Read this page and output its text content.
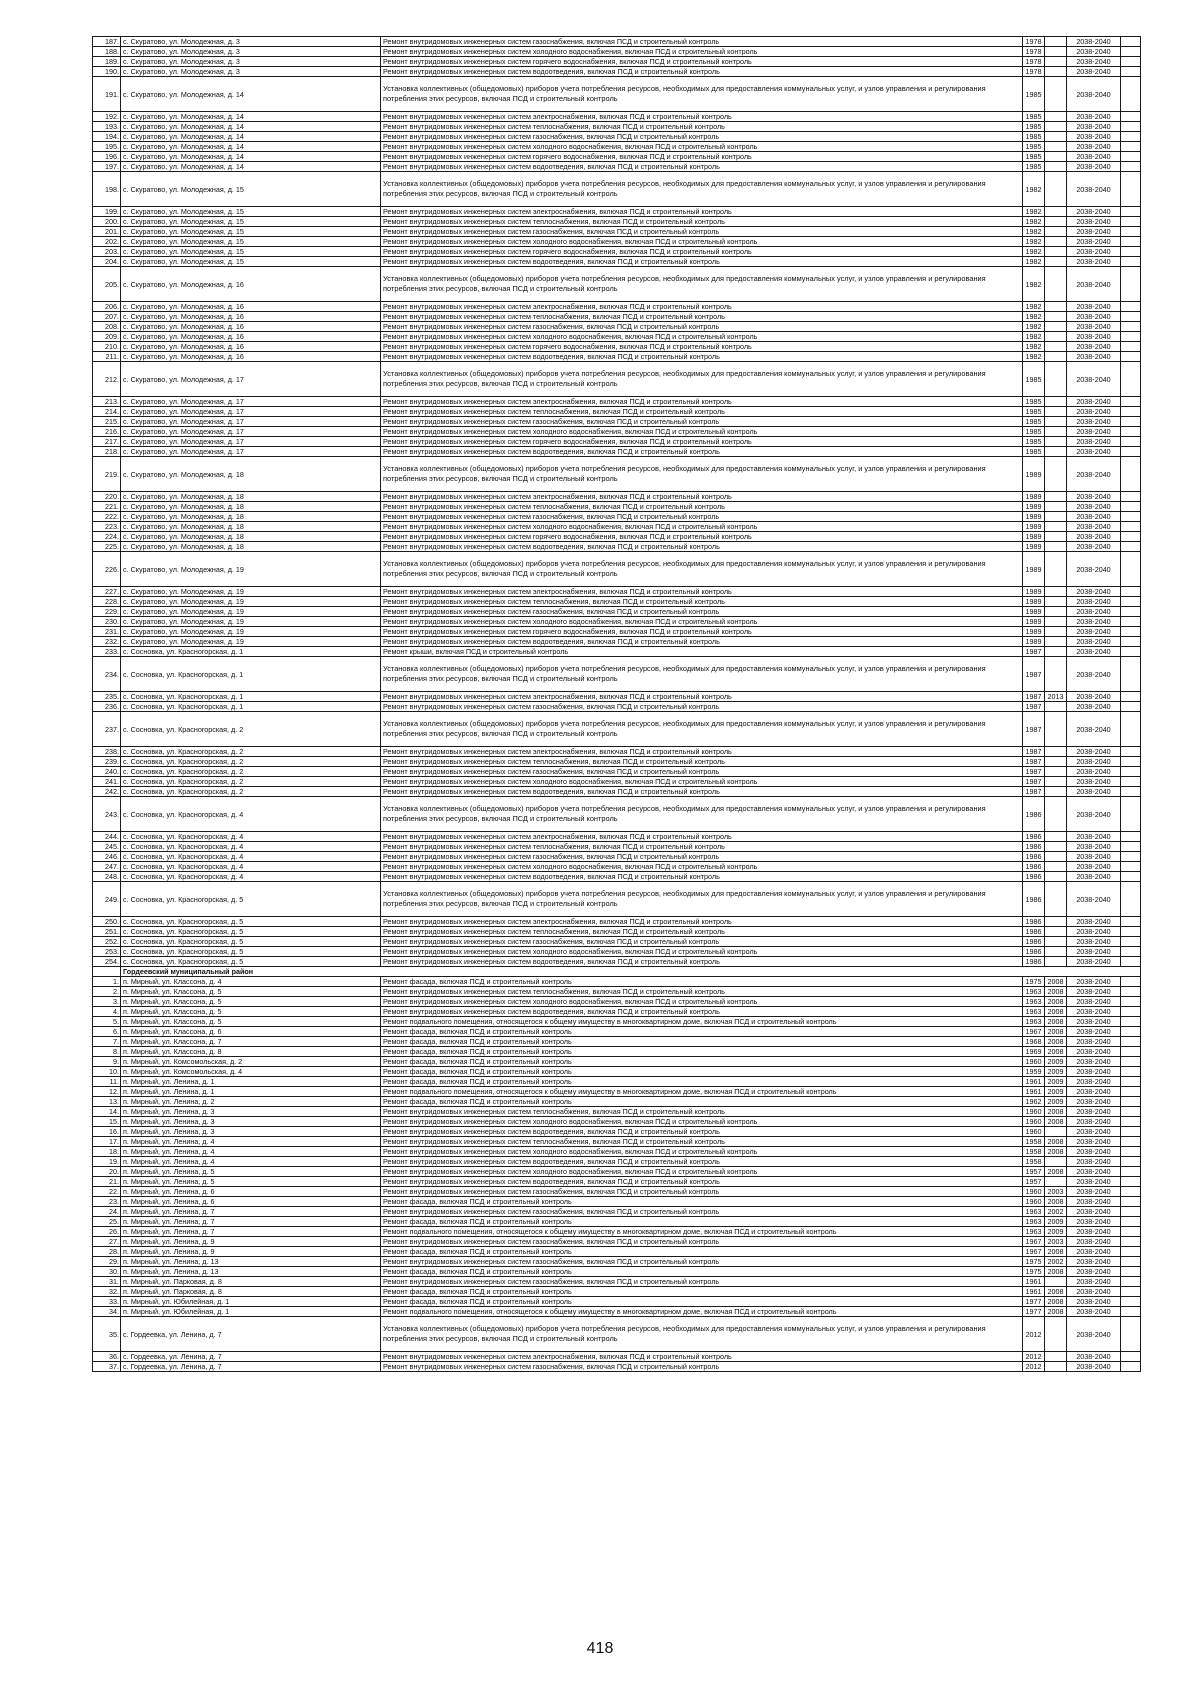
187.	с. Скуратово, ул. Молодежная, д. 3	Ремонт внутридомовых инженерных систем газоснабжения, включая ПСД и строительный контроль	1978		2038-2040	
188.	с. Скуратово, ул. Молодежная, д. 3	Ремонт внутридомовых инженерных систем холодного водоснабжения, включая ПСД и строительный контроль	1978		2038-2040	
189.	с. Скуратово, ул. Молодежная, д. 3	Ремонт внутридомовых инженерных систем горячего водоснабжения, включая ПСД и строительный контроль	1978		2038-2040	
190.	с. Скуратово, ул. Молодежная, д. 3	Ремонт внутридомовых инженерных систем водоотведения, включая ПСД и строительный контроль	1978		2038-2040	
191.	с. Скуратово, ул. Молодежная, д. 14	Установка коллективных (общедомовых) приборов учета потребления ресурсов, необходимых для предоставления коммунальных услуг, и узлов управления и регулирования потребления этих ресурсов, включая ПСД и строительный контроль	1985		2038-2040	
192.	с. Скуратово, ул. Молодежная, д. 14	Ремонт внутридомовых инженерных систем электроснабжения, включая ПСД и строительный контроль	1985		2038-2040	
193.	с. Скуратово, ул. Молодежная, д. 14	Ремонт внутридомовых инженерных систем теплоснабжения, включая ПСД и строительный контроль	1985		2038-2040	
194.	с. Скуратово, ул. Молодежная, д. 14	Ремонт внутридомовых инженерных систем газоснабжения, включая ПСД и строительный контроль	1985		2038-2040	
195.	с. Скуратово, ул. Молодежная, д. 14	Ремонт внутридомовых инженерных систем холодного водоснабжения, включая ПСД и строительный контроль	1985		2038-2040	
196.	с. Скуратово, ул. Молодежная, д. 14	Ремонт внутридомовых инженерных систем горячего водоснабжения, включая ПСД и строительный контроль	1985		2038-2040	
197.	с. Скуратово, ул. Молодежная, д. 14	Ремонт внутридомовых инженерных систем водоотведения, включая ПСД и строительный контроль	1985		2038-2040	
198.	с. Скуратово, ул. Молодежная, д. 15	Установка коллективных (общедомовых) приборов учета потребления ресурсов, необходимых для предоставления коммунальных услуг, и узлов управления и регулирования потребления этих ресурсов, включая ПСД и строительный контроль	1982		2038-2040	
199.	с. Скуратово, ул. Молодежная, д. 15	Ремонт внутридомовых инженерных систем электроснабжения, включая ПСД и строительный контроль	1982		2038-2040	
200.	с. Скуратово, ул. Молодежная, д. 15	Ремонт внутридомовых инженерных систем теплоснабжения, включая ПСД и строительный контроль	1982		2038-2040	
201.	с. Скуратово, ул. Молодежная, д. 15	Ремонт внутридомовых инженерных систем газоснабжения, включая ПСД и строительный контроль	1982		2038-2040	
202.	с. Скуратово, ул. Молодежная, д. 15	Ремонт внутридомовых инженерных систем холодного водоснабжения, включая ПСД и строительный контроль	1982		2038-2040	
203.	с. Скуратово, ул. Молодежная, д. 15	Ремонт внутридомовых инженерных систем горячего водоснабжения, включая ПСД и строительный контроль	1982		2038-2040	
204.	с. Скуратово, ул. Молодежная, д. 15	Ремонт внутридомовых инженерных систем водоотведения, включая ПСД и строительный контроль	1982		2038-2040	
205.	с. Скуратово, ул. Молодежная, д. 16	Установка коллективных (общедомовых) приборов учета потребления ресурсов, необходимых для предоставления коммунальных услуг, и узлов управления и регулирования потребления этих ресурсов, включая ПСД и строительный контроль	1982		2038-2040	
206.	с. Скуратово, ул. Молодежная, д. 16	Ремонт внутридомовых инженерных систем электроснабжения, включая ПСД и строительный контроль	1982		2038-2040	
207.	с. Скуратово, ул. Молодежная, д. 16	Ремонт внутридомовых инженерных систем теплоснабжения, включая ПСД и строительный контроль	1982		2038-2040	
208.	с. Скуратово, ул. Молодежная, д. 16	Ремонт внутридомовых инженерных систем газоснабжения, включая ПСД и строительный контроль	1982		2038-2040	
209.	с. Скуратово, ул. Молодежная, д. 16	Ремонт внутридомовых инженерных систем холодного водоснабжения, включая ПСД и строительный контроль	1982		2038-2040	
210.	с. Скуратово, ул. Молодежная, д. 16	Ремонт внутридомовых инженерных систем горячего водоснабжения, включая ПСД и строительный контроль	1982		2038-2040	
211.	с. Скуратово, ул. Молодежная, д. 16	Ремонт внутридомовых инженерных систем водоотведения, включая ПСД и строительный контроль	1982		2038-2040	
212.	с. Скуратово, ул. Молодежная, д. 17	Установка коллективных (общедомовых) приборов учета потребления ресурсов, необходимых для предоставления коммунальных услуг, и узлов управления и регулирования потребления этих ресурсов, включая ПСД и строительный контроль	1985		2038-2040	
213.	с. Скуратово, ул. Молодежная, д. 17	Ремонт внутридомовых инженерных систем электроснабжения, включая ПСД и строительный контроль	1985		2038-2040	
214.	с. Скуратово, ул. Молодежная, д. 17	Ремонт внутридомовых инженерных систем теплоснабжения, включая ПСД и строительный контроль	1985		2038-2040	
215.	с. Скуратово, ул. Молодежная, д. 17	Ремонт внутридомовых инженерных систем газоснабжения, включая ПСД и строительный контроль	1985		2038-2040	
216.	с. Скуратово, ул. Молодежная, д. 17	Ремонт внутридомовых инженерных систем холодного водоснабжения, включая ПСД и строительный контроль	1985		2038-2040	
217.	с. Скуратово, ул. Молодежная, д. 17	Ремонт внутридомовых инженерных систем горячего водоснабжения, включая ПСД и строительный контроль	1985		2038-2040	
218.	с. Скуратово, ул. Молодежная, д. 17	Ремонт внутридомовых инженерных систем водоотведения, включая ПСД и строительный контроль	1985		2038-2040	
219.	с. Скуратово, ул. Молодежная, д. 18	Установка коллективных (общедомовых) приборов учета потребления ресурсов, необходимых для предоставления коммунальных услуг, и узлов управления и регулирования потребления этих ресурсов, включая ПСД и строительный контроль	1989		2038-2040	
220.	с. Скуратово, ул. Молодежная, д. 18	Ремонт внутридомовых инженерных систем электроснабжения, включая ПСД и строительный контроль	1989		2038-2040	
221.	с. Скуратово, ул. Молодежная, д. 18	Ремонт внутридомовых инженерных систем теплоснабжения, включая ПСД и строительный контроль	1989		2038-2040	
222.	с. Скуратово, ул. Молодежная, д. 18	Ремонт внутридомовых инженерных систем газоснабжения, включая ПСД и строительный контроль	1989		2038-2040	
223.	с. Скуратово, ул. Молодежная, д. 18	Ремонт внутридомовых инженерных систем холодного водоснабжения, включая ПСД и строительный контроль	1989		2038-2040	
224.	с. Скуратово, ул. Молодежная, д. 18	Ремонт внутридомовых инженерных систем горячего водоснабжения, включая ПСД и строительный контроль	1989		2038-2040	
225.	с. Скуратово, ул. Молодежная, д. 18	Ремонт внутридомовых инженерных систем водоотведения, включая ПСД и строительный контроль	1989		2038-2040	
226.	с. Скуратово, ул. Молодежная, д. 19	Установка коллективных (общедомовых) приборов учета потребления ресурсов, необходимых для предоставления коммунальных услуг, и узлов управления и регулирования потребления этих ресурсов, включая ПСД и строительный контроль	1989		2038-2040	
227.	с. Скуратово, ул. Молодежная, д. 19	Ремонт внутридомовых инженерных систем электроснабжения, включая ПСД и строительный контроль	1989		2038-2040	
228.	с. Скуратово, ул. Молодежная, д. 19	Ремонт внутридомовых инженерных систем теплоснабжения, включая ПСД и строительный контроль	1989		2038-2040	
229.	с. Скуратово, ул. Молодежная, д. 19	Ремонт внутридомовых инженерных систем газоснабжения, включая ПСД и строительный контроль	1989		2038-2040	
230.	с. Скуратово, ул. Молодежная, д. 19	Ремонт внутридомовых инженерных систем холодного водоснабжения, включая ПСД и строительный контроль	1989		2038-2040	
231.	с. Скуратово, ул. Молодежная, д. 19	Ремонт внутридомовых инженерных систем горячего водоснабжения, включая ПСД и строительный контроль	1989		2038-2040	
232.	с. Скуратово, ул. Молодежная, д. 19	Ремонт внутридомовых инженерных систем водоотведения, включая ПСД и строительный контроль	1989		2038-2040	
233.	с. Сосновка, ул. Красногорская, д. 1	Ремонт крыши, включая ПСД и строительный контроль	1987		2038-2040	
234.	с. Сосновка, ул. Красногорская, д. 1	Установка коллективных (общедомовых) приборов учета потребления ресурсов, необходимых для предоставления коммунальных услуг, и узлов управления и регулирования потребления этих ресурсов, включая ПСД и строительный контроль	1987		2038-2040	
235.	с. Сосновка, ул. Красногорская, д. 1	Ремонт внутридомовых инженерных систем электроснабжения, включая ПСД и строительный контроль	1987	2013	2038-2040	
236.	с. Сосновка, ул. Красногорская, д. 1	Ремонт внутридомовых инженерных систем газоснабжения, включая ПСД и строительный контроль	1987		2038-2040	
237.	с. Сосновка, ул. Красногорская, д. 2	Установка коллективных (общедомовых) приборов учета потребления ресурсов, необходимых для предоставления коммунальных услуг, и узлов управления и регулирования потребления этих ресурсов, включая ПСД и строительный контроль	1987		2038-2040	
238.	с. Сосновка, ул. Красногорская, д. 2	Ремонт внутридомовых инженерных систем электроснабжения, включая ПСД и строительный контроль	1987		2038-2040	
239.	с. Сосновка, ул. Красногорская, д. 2	Ремонт внутридомовых инженерных систем теплоснабжения, включая ПСД и строительный контроль	1987		2038-2040	
240.	с. Сосновка, ул. Красногорская, д. 2	Ремонт внутридомовых инженерных систем газоснабжения, включая ПСД и строительный контроль	1987		2038-2040	
241.	с. Сосновка, ул. Красногорская, д. 2	Ремонт внутридомовых инженерных систем холодного водоснабжения, включая ПСД и строительный контроль	1987		2038-2040	
242.	с. Сосновка, ул. Красногорская, д. 2	Ремонт внутридомовых инженерных систем водоотведения, включая ПСД и строительный контроль	1987		2038-2040	
243.	с. Сосновка, ул. Красногорская, д. 4	Установка коллективных (общедомовых) приборов учета потребления ресурсов, необходимых для предоставления коммунальных услуг, и узлов управления и регулирования потребления этих ресурсов, включая ПСД и строительный контроль	1986		2038-2040	
244.	с. Сосновка, ул. Красногорская, д. 4	Ремонт внутридомовых инженерных систем электроснабжения, включая ПСД и строительный контроль	1986		2038-2040	
245.	с. Сосновка, ул. Красногорская, д. 4	Ремонт внутридомовых инженерных систем теплоснабжения, включая ПСД и строительный контроль	1986		2038-2040	
246.	с. Сосновка, ул. Красногорская, д. 4	Ремонт внутридомовых инженерных систем газоснабжения, включая ПСД и строительный контроль	1986		2038-2040	
247.	с. Сосновка, ул. Красногорская, д. 4	Ремонт внутридомовых инженерных систем холодного водоснабжения, включая ПСД и строительный контроль	1986		2038-2040	
248.	с. Сосновка, ул. Красногорская, д. 4	Ремонт внутридомовых инженерных систем водоотведения, включая ПСД и строительный контроль	1986		2038-2040	
249.	с. Сосновка, ул. Красногорская, д. 5	Установка коллективных (общедомовых) приборов учета потребления ресурсов, необходимых для предоставления коммунальных услуг, и узлов управления и регулирования потребления этих ресурсов, включая ПСД и строительный контроль	1986		2038-2040	
250.	с. Сосновка, ул. Красногорская, д. 5	Ремонт внутридомовых инженерных систем электроснабжения, включая ПСД и строительный контроль	1986		2038-2040	
251.	с. Сосновка, ул. Красногорская, д. 5	Ремонт внутридомовых инженерных систем теплоснабжения, включая ПСД и строительный контроль	1986		2038-2040	
252.	с. Сосновка, ул. Красногорская, д. 5	Ремонт внутридомовых инженерных систем газоснабжения, включая ПСД и строительный контроль	1986		2038-2040	
253.	с. Сосновка, ул. Красногорская, д. 5	Ремонт внутридомовых инженерных систем холодного водоснабжения, включая ПСД и строительный контроль	1986		2038-2040	
254.	с. Сосновка, ул. Красногорская, д. 5	Ремонт внутридомовых инженерных систем водоотведения, включая ПСД и строительный контроль	1986		2038-2040	
	Гордеевский муниципальный район					
1.	п. Мирный, ул. Классона, д. 4	Ремонт фасада, включая ПСД и строительный контроль	1975	2008	2038-2040	
2.	п. Мирный, ул. Классона, д. 5	Ремонт внутридомовых инженерных систем теплоснабжения, включая ПСД и строительный контроль	1963	2008	2038-2040	
3.	п. Мирный, ул. Классона, д. 5	Ремонт внутридомовых инженерных систем холодного водоснабжения, включая ПСД и строительный контроль	1963	2008	2038-2040	
4.	п. Мирный, ул. Классона, д. 5	Ремонт внутридомовых инженерных систем водоотведения, включая ПСД и строительный контроль	1963	2008	2038-2040	
5.	п. Мирный, ул. Классона, д. 5	Ремонт подвального помещения, относящегося к общему имуществу в многоквартирном доме, включая ПСД и строительный контроль	1963	2008	2038-2040	
6.	п. Мирный, ул. Классона, д. 6	Ремонт фасада, включая ПСД и строительный контроль	1967	2008	2038-2040	
7.	п. Мирный, ул. Классона, д. 7	Ремонт фасада, включая ПСД и строительный контроль	1968	2008	2038-2040	
8.	п. Мирный, ул. Классона, д. 8	Ремонт фасада, включая ПСД и строительный контроль	1969	2008	2038-2040	
9.	п. Мирный, ул. Комсомольская, д. 2	Ремонт фасада, включая ПСД и строительный контроль	1960	2009	2038-2040	
10.	п. Мирный, ул. Комсомольская, д. 4	Ремонт фасада, включая ПСД и строительный контроль	1959	2009	2038-2040	
11.	п. Мирный, ул. Ленина, д. 1	Ремонт фасада, включая ПСД и строительный контроль	1961	2009	2038-2040	
12.	п. Мирный, ул. Ленина, д. 1	Ремонт подвального помещения, относящегося к общему имуществу в многоквартирном доме, включая ПСД и строительный контроль	1961	2009	2038-2040	
13.	п. Мирный, ул. Ленина, д. 2	Ремонт фасада, включая ПСД и строительный контроль	1962	2009	2038-2040	
14.	п. Мирный, ул. Ленина, д. 3	Ремонт внутридомовых инженерных систем теплоснабжения, включая ПСД и строительный контроль	1960	2008	2038-2040	
15.	п. Мирный, ул. Ленина, д. 3	Ремонт внутридомовых инженерных систем холодного водоснабжения, включая ПСД и строительный контроль	1960	2008	2038-2040	
16.	п. Мирный, ул. Ленина, д. 3	Ремонт внутридомовых инженерных систем водоотведения, включая ПСД и строительный контроль	1960		2038-2040	
17.	п. Мирный, ул. Ленина, д. 4	Ремонт внутридомовых инженерных систем теплоснабжения, включая ПСД и строительный контроль	1958	2008	2038-2040	
18.	п. Мирный, ул. Ленина, д. 4	Ремонт внутридомовых инженерных систем холодного водоснабжения, включая ПСД и строительный контроль	1958	2008	2038-2040	
19.	п. Мирный, ул. Ленина, д. 4	Ремонт внутридомовых инженерных систем водоотведения, включая ПСД и строительный контроль	1958		2038-2040	
20.	п. Мирный, ул. Ленина, д. 5	Ремонт внутридомовых инженерных систем холодного водоснабжения, включая ПСД и строительный контроль	1957	2008	2038-2040	
21.	п. Мирный, ул. Ленина, д. 5	Ремонт внутридомовых инженерных систем водоотведения, включая ПСД и строительный контроль	1957		2038-2040	
22.	п. Мирный, ул. Ленина, д. 6	Ремонт внутридомовых инженерных систем газоснабжения, включая ПСД и строительный контроль	1960	2003	2038-2040	
23.	п. Мирный, ул. Ленина, д. 6	Ремонт фасада, включая ПСД и строительный контроль	1960	2008	2038-2040	
24.	п. Мирный, ул. Ленина, д. 7	Ремонт внутридомовых инженерных систем газоснабжения, включая ПСД и строительный контроль	1963	2002	2038-2040	
25.	п. Мирный, ул. Ленина, д. 7	Ремонт фасада, включая ПСД и строительный контроль	1963	2009	2038-2040	
26.	п. Мирный, ул. Ленина, д. 7	Ремонт подвального помещения, относящегося к общему имуществу в многоквартирном доме, включая ПСД и строительный контроль	1963	2009	2038-2040	
27.	п. Мирный, ул. Ленина, д. 9	Ремонт внутридомовых инженерных систем газоснабжения, включая ПСД и строительный контроль	1967	2003	2038-2040	
28.	п. Мирный, ул. Ленина, д. 9	Ремонт фасада, включая ПСД и строительный контроль	1967	2008	2038-2040	
29.	п. Мирный, ул. Ленина, д. 13	Ремонт внутридомовых инженерных систем газоснабжения, включая ПСД и строительный контроль	1975	2002	2038-2040	
30.	п. Мирный, ул. Ленина, д. 13	Ремонт фасада, включая ПСД и строительный контроль	1975	2008	2038-2040	
31.	п. Мирный, ул. Парковая, д. 8	Ремонт внутридомовых инженерных систем газоснабжения, включая ПСД и строительный контроль	1961		2038-2040	
32.	п. Мирный, ул. Парковая, д. 8	Ремонт фасада, включая ПСД и строительный контроль	1961	2008	2038-2040	
33.	п. Мирный, ул. Юбилейная, д. 1	Ремонт фасада, включая ПСД и строительный контроль	1977	2008	2038-2040	
34.	п. Мирный, ул. Юбилейная, д. 1	Ремонт подвального помещения, относящегося к общему имуществу в многоквартирном доме, включая ПСД и строительный контроль	1977	2008	2038-2040	
35.	с. Гордеевка, ул. Ленина, д. 7	Установка коллективных (общедомовых) приборов учета потребления ресурсов, необходимых для предоставления коммунальных услуг, и узлов управления и регулирования потребления этих ресурсов, включая ПСД и строительный контроль	2012		2038-2040	
36.	с. Гордеевка, ул. Ленина, д. 7	Ремонт внутридомовых инженерных систем электроснабжения, включая ПСД и строительный контроль	2012		2038-2040	
37.	с. Гордеевка, ул. Ленина, д. 7	Ремонт внутридомовых инженерных систем газоснабжения, включая ПСД и строительный контроль	2012		2038-2040	
418
